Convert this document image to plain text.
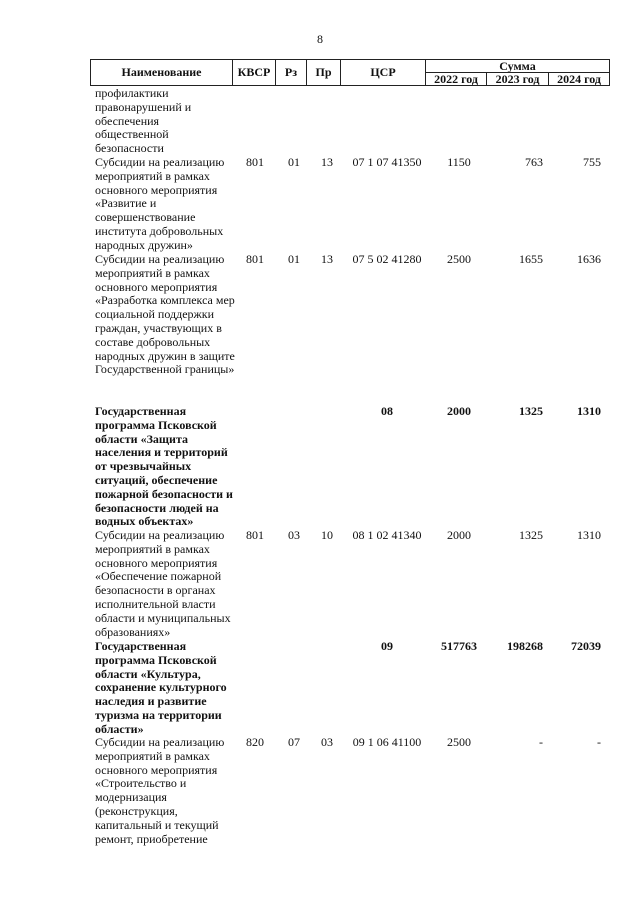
8
Наименование	КВСР	Рз	Пр	ЦСР	Сумма
2022 год	2023 год	2024 год
профилактики правонарушений и обеспечения общественной безопасности
Субсидии на реализацию мероприятий в рамках основного мероприятия «Развитие и совершенствование института добровольных народных дружин»
801	01	13	07 1 07 41350	1150	763	755
Субсидии на реализацию мероприятий в рамках основного мероприятия «Разработка комплекса мер социальной поддержки граждан, участвующих в составе добровольных народных дружин в защите Государственной границы»
801	01	13	07 5 02 41280	2500	1655	1636
Государственная программа Псковской области «Защита населения и территорий от чрезвычайных ситуаций, обеспечение пожарной безопасности и безопасности людей на водных объектах»
08	2000	1325	1310
Субсидии на реализацию мероприятий в рамках основного мероприятия «Обеспечение пожарной безопасности в органах исполнительной власти области и муниципальных образованиях»
801	03	10	08 1 02 41340	2000	1325	1310
Государственная программа Псковской области «Культура, сохранение культурного наследия и развитие туризма на территории области»
09	517763	198268	72039
Субсидии на реализацию мероприятий в рамках основного мероприятия «Строительство и модернизация (реконструкция, капитальный и текущий ремонт, приобретение
820	07	03	09 1 06 41100	2500	-	-
